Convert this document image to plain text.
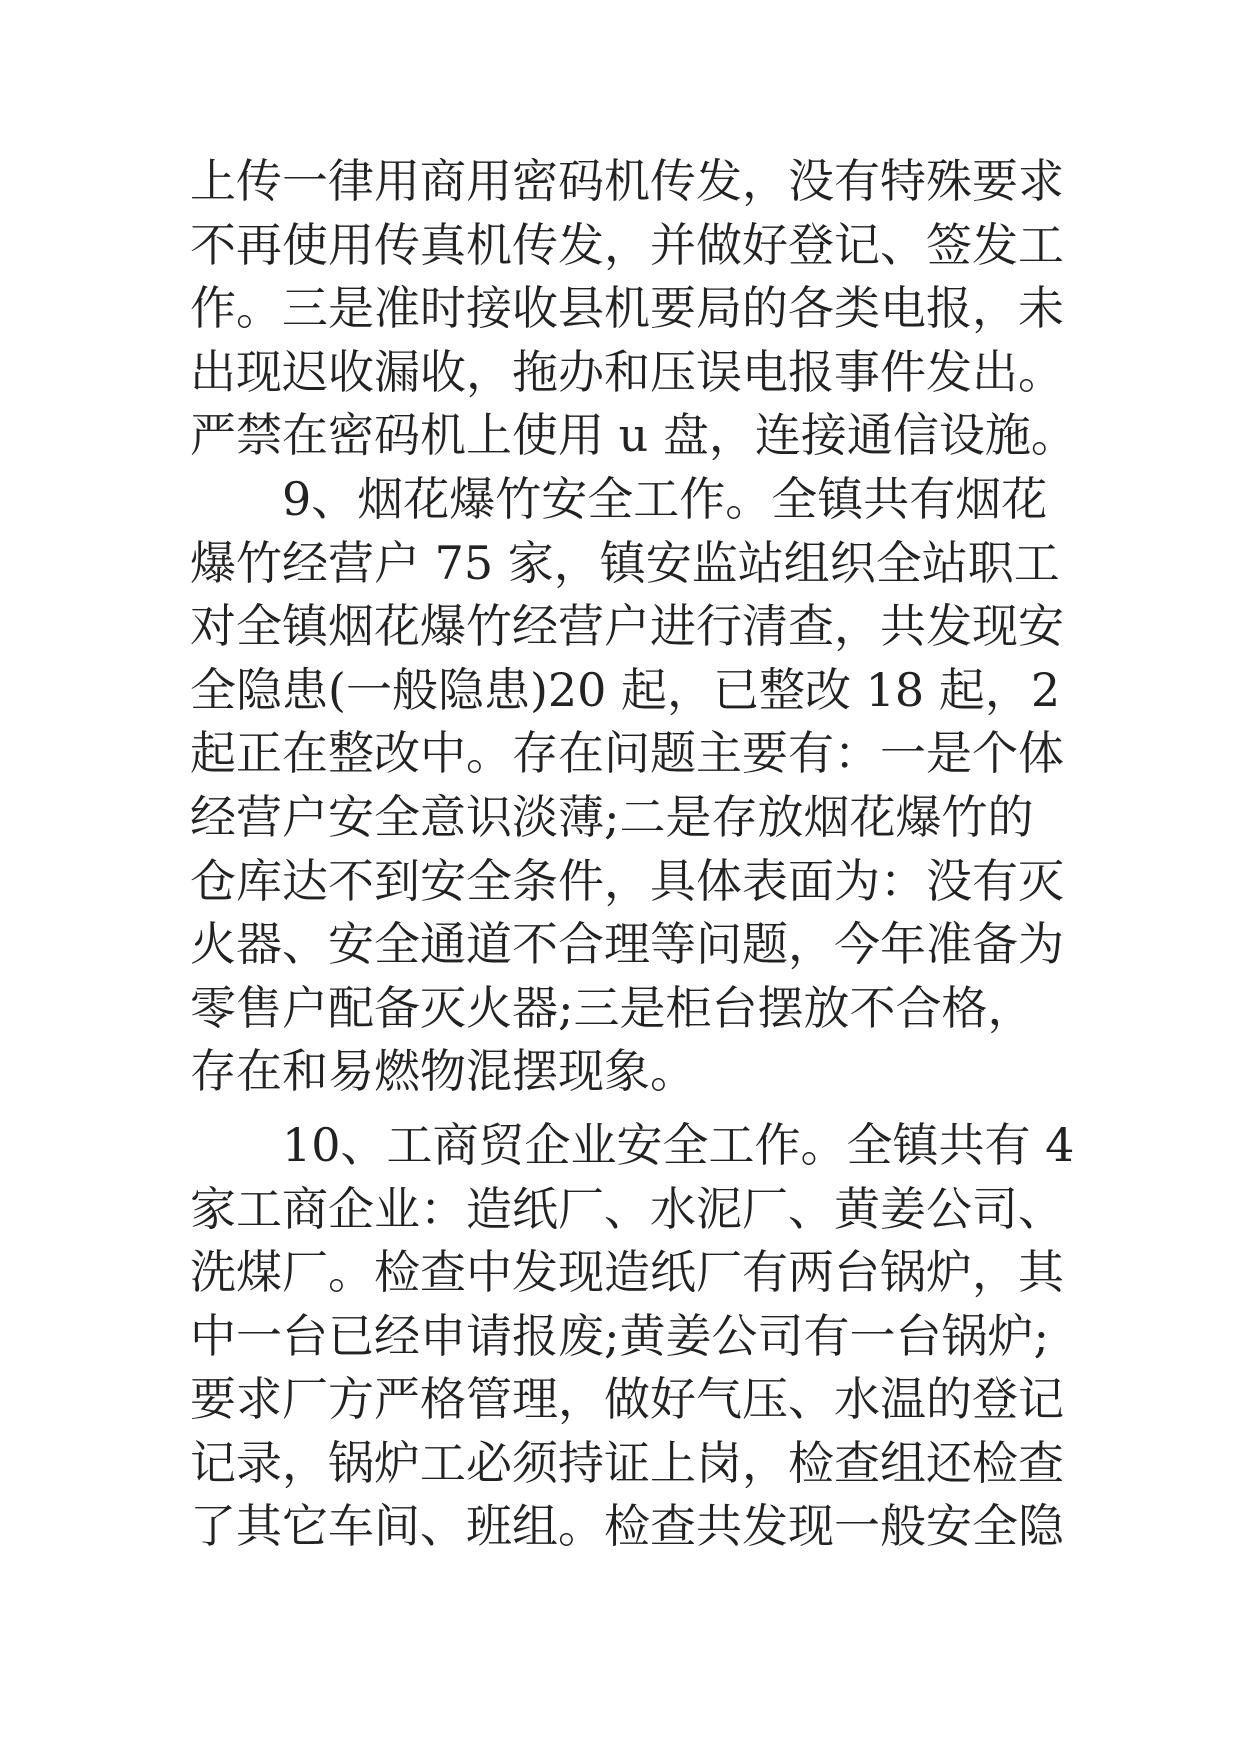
上传一律用商用密码机传发，没有特殊要求
不再使用传真机传发，并做好登记、签发工
作。三是准时接收县机要局的各类电报，未
出现迟收漏收，拖办和压误电报事件发出。
严禁在密码机上使用 u 盘，连接通信设施。
　　9、烟花爆竹安全工作。全镇共有烟花
爆竹经营户 75 家，镇安监站组织全站职工
对全镇烟花爆竹经营户进行清查，共发现安
全隐患(一般隐患)20 起，已整改 18 起，2
起正在整改中。存在问题主要有：一是个体
经营户安全意识淡薄;二是存放烟花爆竹的
仓库达不到安全条件，具体表面为：没有灭
火器、安全通道不合理等问题，今年准备为
零售户配备灭火器;三是柜台摆放不合格，
存在和易燃物混摆现象。
　　10、工商贸企业安全工作。全镇共有 4
家工商企业：造纸厂、水泥厂、黄姜公司、
洗煤厂。检查中发现造纸厂有两台锅炉，其
中一台已经申请报废;黄姜公司有一台锅炉;
要求厂方严格管理，做好气压、水温的登记
记录，锅炉工必须持证上岗，检查组还检查
了其它车间、班组。检查共发现一般安全隐
